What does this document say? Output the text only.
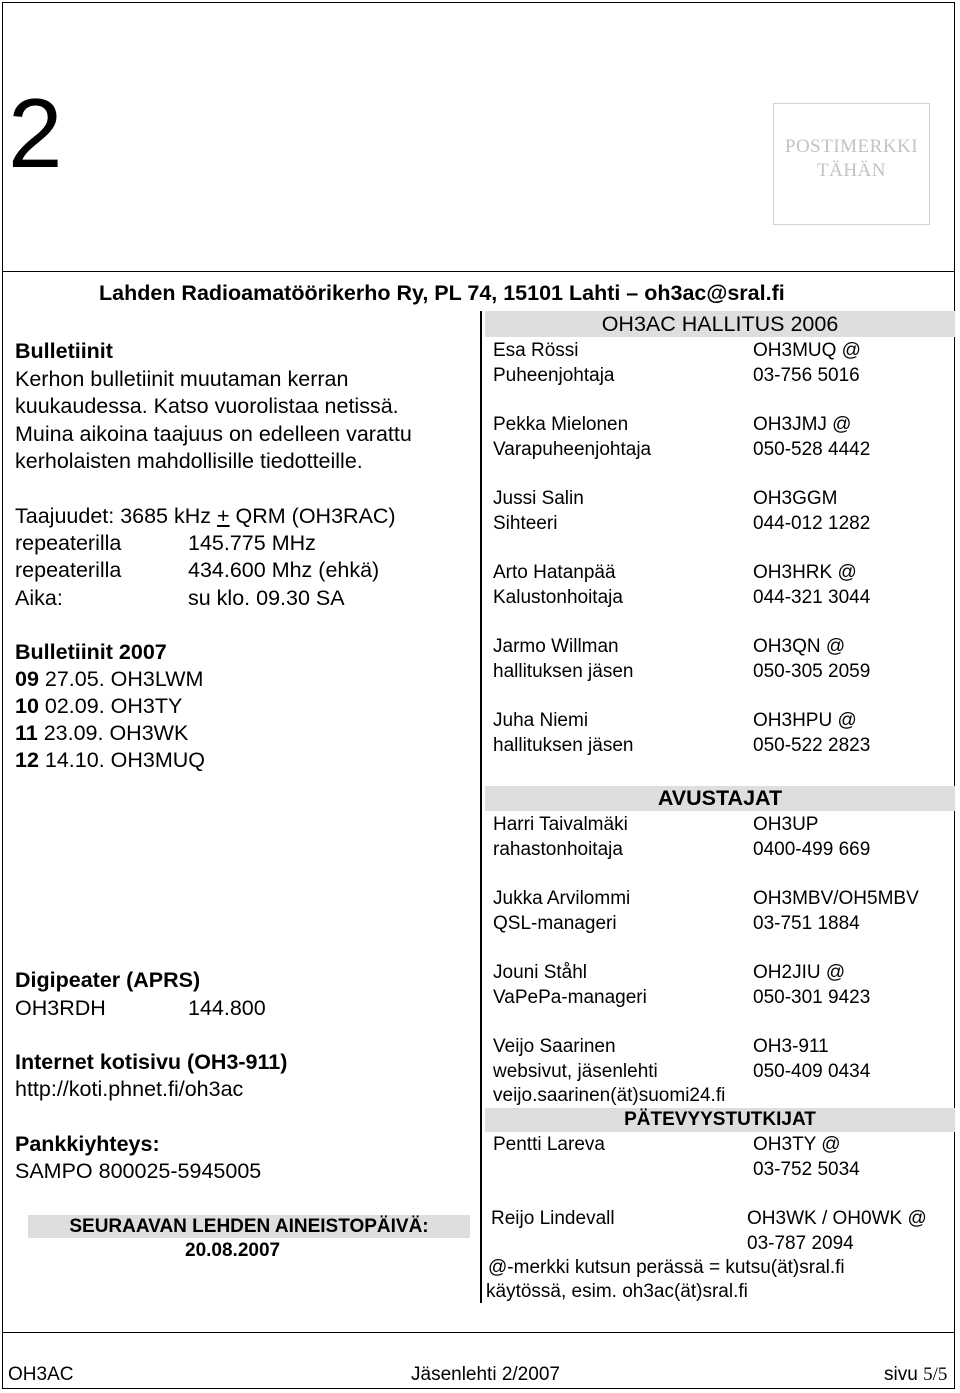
2	POSTIMERKKI
TÄHÄN
Lahden Radioamatöörikerho Ry, PL 74, 15101 Lahti – oh3ac@sral.fi
Bulletiinit
Kerhon bulletiinit muutaman kerran
kuukaudessa. Katso vuorolistaa netissä.
Muina aikoina taajuus on edelleen varattu
kerholaisten mahdollisille tiedotteille.
Taajuudet: 3685 kHz + QRM (OH3RAC)
repeaterilla	145.775 MHz
repeaterilla	434.600 Mhz (ehkä)
Aika:	su klo. 09.30 SA
Bulletiinit 2007
09 27.05. OH3LWM
10 02.09. OH3TY
11 23.09. OH3WK
12 14.10. OH3MUQ
Digipeater (APRS)
OH3RDH	144.800
Internet kotisivu (OH3-911)
http://koti.phnet.fi/oh3ac
Pankkiyhteys:
SAMPO 800025-5945005
SEURAAVAN LEHDEN AINEISTOPÄIVÄ:
20.08.2007
OH3AC HALLITUS 2006
Esa Rössi	OH3MUQ @
Puheenjohtaja	03-756 5016
Pekka Mielonen	OH3JMJ @
Varapuheenjohtaja	050-528 4442
Jussi Salin	OH3GGM
Sihteeri	044-012 1282
Arto Hatanpää	OH3HRK @
Kalustonhoitaja	044-321 3044
Jarmo Willman	OH3QN @
hallituksen jäsen	050-305 2059
Juha Niemi	OH3HPU @
hallituksen jäsen	050-522 2823
AVUSTAJAT
Harri Taivalmäki	OH3UP
rahastonhoitaja	0400-499 669
Jukka Arvilommi	OH3MBV/OH5MBV
QSL-manageri	03-751 1884
Jouni Ståhl	OH2JIU @
VaPePa-manageri	050-301 9423
Veijo Saarinen	OH3-911
websivut, jäsenlehti	050-409 0434
veijo.saarinen(ät)suomi24.fi
PÄTEVYYSTUTKIJAT
Pentti Lareva	OH3TY @
03-752 5034
Reijo Lindevall	OH3WK / OH0WK @
03-787 2094
@-merkki kutsun perässä = kutsu(ät)sral.fi
käytössä, esim. oh3ac(ät)sral.fi
OH3AC	Jäsenlehti 2/2007	sivu 5/5
